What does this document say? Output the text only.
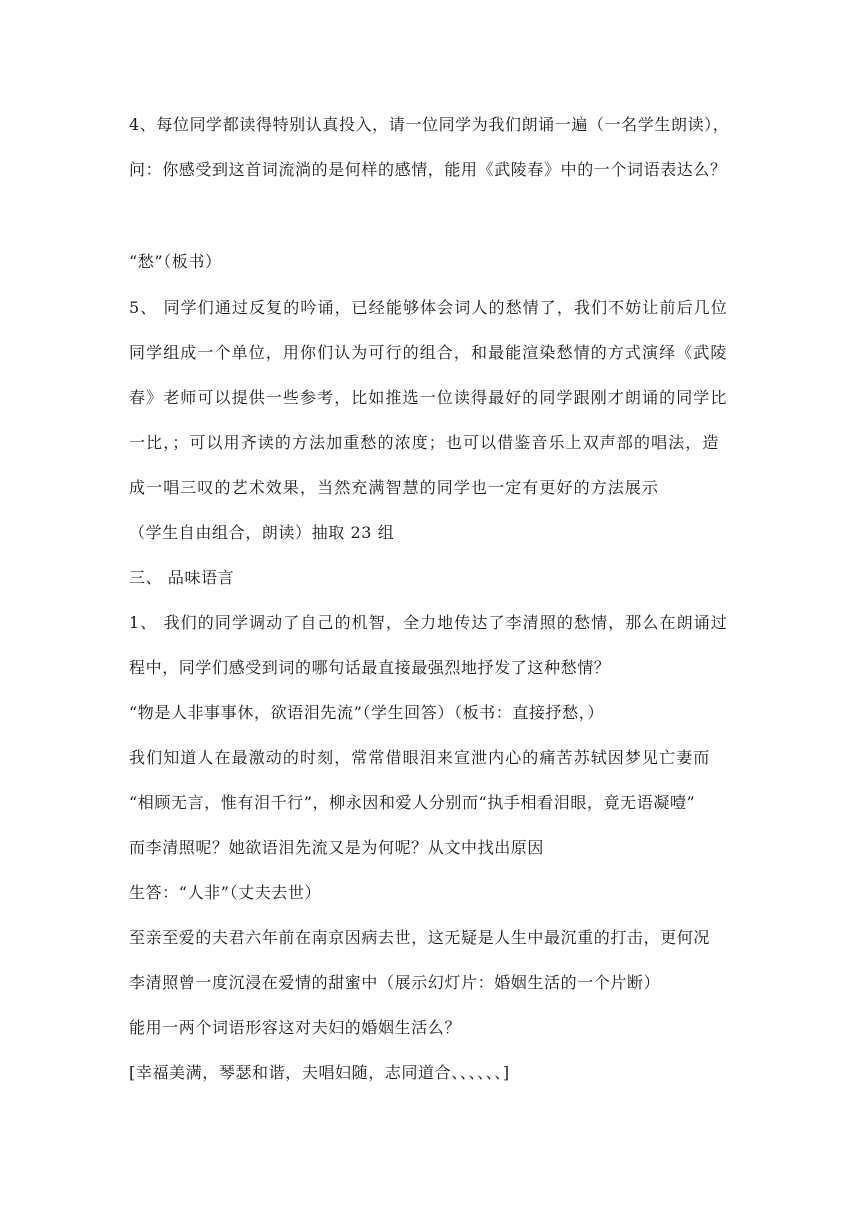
4、每位同学都读得特别认真投入，请一位同学为我们朗诵一遍（一名学生朗读），
问：你感受到这首词流淌的是何样的感情，能用《武陵春》中的一个词语表达么？
“愁”（板书）
5、 同学们通过反复的吟诵，已经能够体会词人的愁情了，我们不妨让前后几位
同学组成一个单位，用你们认为可行的组合，和最能渲染愁情的方式演绎《武陵
春》老师可以提供一些参考，比如推选一位读得最好的同学跟刚才朗诵的同学比
一比，；可以用齐读的方法加重愁的浓度；也可以借鉴音乐上双声部的唱法，造
成一唱三叹的艺术效果，当然充满智慧的同学也一定有更好的方法展示
（学生自由组合，朗读）抽取 23 组
三、 品味语言
1、 我们的同学调动了自己的机智，全力地传达了李清照的愁情，那么在朗诵过
程中，同学们感受到词的哪句话最直接最强烈地抒发了这种愁情？
“物是人非事事休，欲语泪先流”（学生回答）（板书：直接抒愁，）
我们知道人在最激动的时刻，常常借眼泪来宣泄内心的痛苦苏轼因梦见亡妻而
“相顾无言，惟有泪千行”，柳永因和爱人分别而“执手相看泪眼，竟无语凝噎”
而李清照呢？她欲语泪先流又是为何呢？从文中找出原因
生答：“人非”（丈夫去世）
至亲至爱的夫君六年前在南京因病去世，这无疑是人生中最沉重的打击，更何况
李清照曾一度沉浸在爱情的甜蜜中（展示幻灯片：婚姻生活的一个片断）
能用一两个词语形容这对夫妇的婚姻生活么？
[幸福美满，琴瑟和谐，夫唱妇随，志同道合、、、、、、]
